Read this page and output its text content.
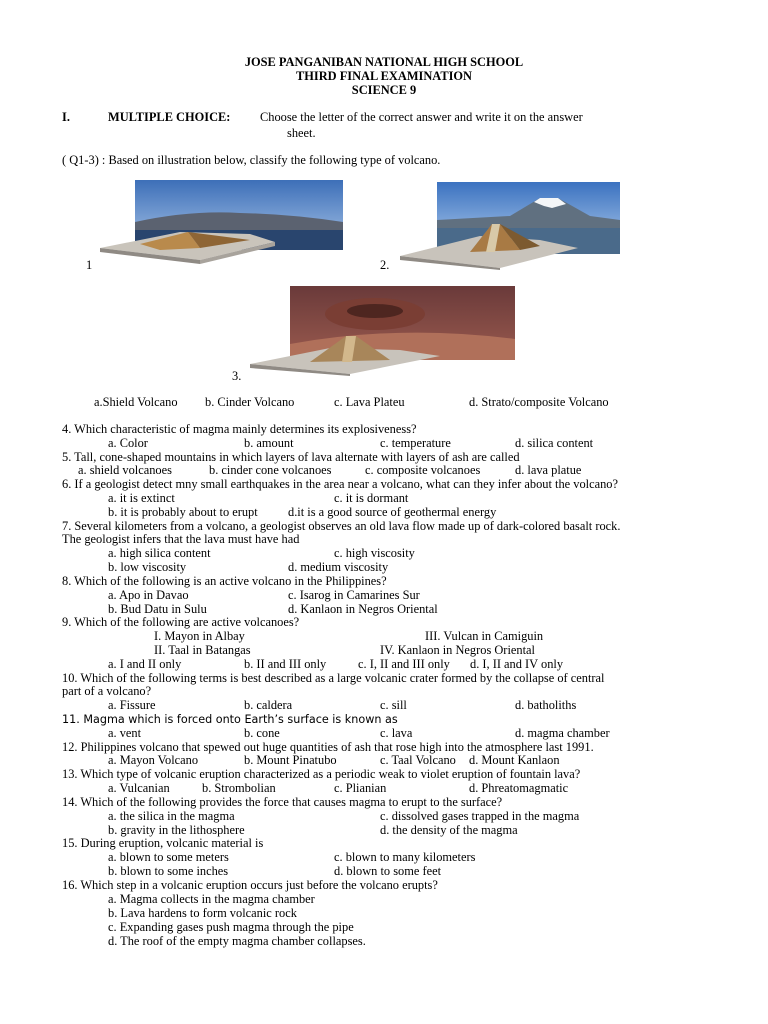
JOSE PANGANIBAN NATIONAL HIGH SCHOOL
THIRD FINAL EXAMINATION
SCIENCE 9
I.	MULTIPLE CHOICE: Choose the letter of the correct answer and write it on the answer
sheet.
( Q1-3) : Based on illustration below, classify the following type of volcano.
1	2.
3.
a.Shield Volcano b. Cinder Volcano	c. Lava Plateu	d. Strato/composite Volcano
4. Which characteristic of magma mainly determines its explosiveness?
a. Color	b. amount	c. temperature	d. silica content
5. Tall, cone-shaped mountains in which layers of lava alternate with layers of ash are called
a. shield volcanoes	b. cinder cone volcanoes	c. composite volcanoes	d. lava platue
6. If a geologist detect mny small earthquakes in the area near a volcano, what can they infer about the volcano?
a. it is extinct	c. it is dormant
b. it is probably about to erupt d.it is a good source of geothermal energy
7. Several kilometers from a volcano, a geologist observes an old lava flow made up of dark-colored basalt rock.
The geologist infers that the lava must have had
a. high silica content	c. high viscosity
b. low viscosity	d. medium viscosity
8. Which of the following is an active volcano in the Philippines?
a. Apo in Davao	c. Isarog in Camarines Sur
b. Bud Datu in Sulu	d. Kanlaon in Negros Oriental
9. Which of the following are active volcanoes?
I. Mayon in Albay	III. Vulcan in Camiguin
II. Taal in Batangas	IV. Kanlaon in Negros Oriental
a. I and II only	b. II and III only	c. I, II and III only d. I, II and IV only
10. Which of the following terms is best described as a large volcanic crater formed by the collapse of central
part of a volcano?
a. Fissure	b. caldera	c. sill	d. batholiths
11. Magma which is forced onto Earth’s surface is known as
a. vent	b. cone	c. lava	d. magma chamber
12. Philippines volcano that spewed out huge quantities of ash that rose high into the atmosphere last 1991.
a. Mayon Volcano	b. Mount Pinatubo	c. Taal Volcano d. Mount Kanlaon
13. Which type of volcanic eruption characterized as a periodic weak to violet eruption of fountain lava?
a. Vulcanian	b. Strombolian	c. Plianian	d. Phreatomagmatic
14. Which of the following provides the force that causes magma to erupt to the surface?
a. the silica in the magma	c. dissolved gases trapped in the magma
b. gravity in the lithosphere	d. the density of the magma
15. During eruption, volcanic material is
a. blown to some meters	c. blown to many kilometers
b. blown to some inches	d. blown to some feet
16. Which step in a volcanic eruption occurs just before the volcano erupts?
a. Magma collects in the magma chamber
b. Lava hardens to form volcanic rock
c. Expanding gases push magma through the pipe
d. The roof of the empty magma chamber collapses.
